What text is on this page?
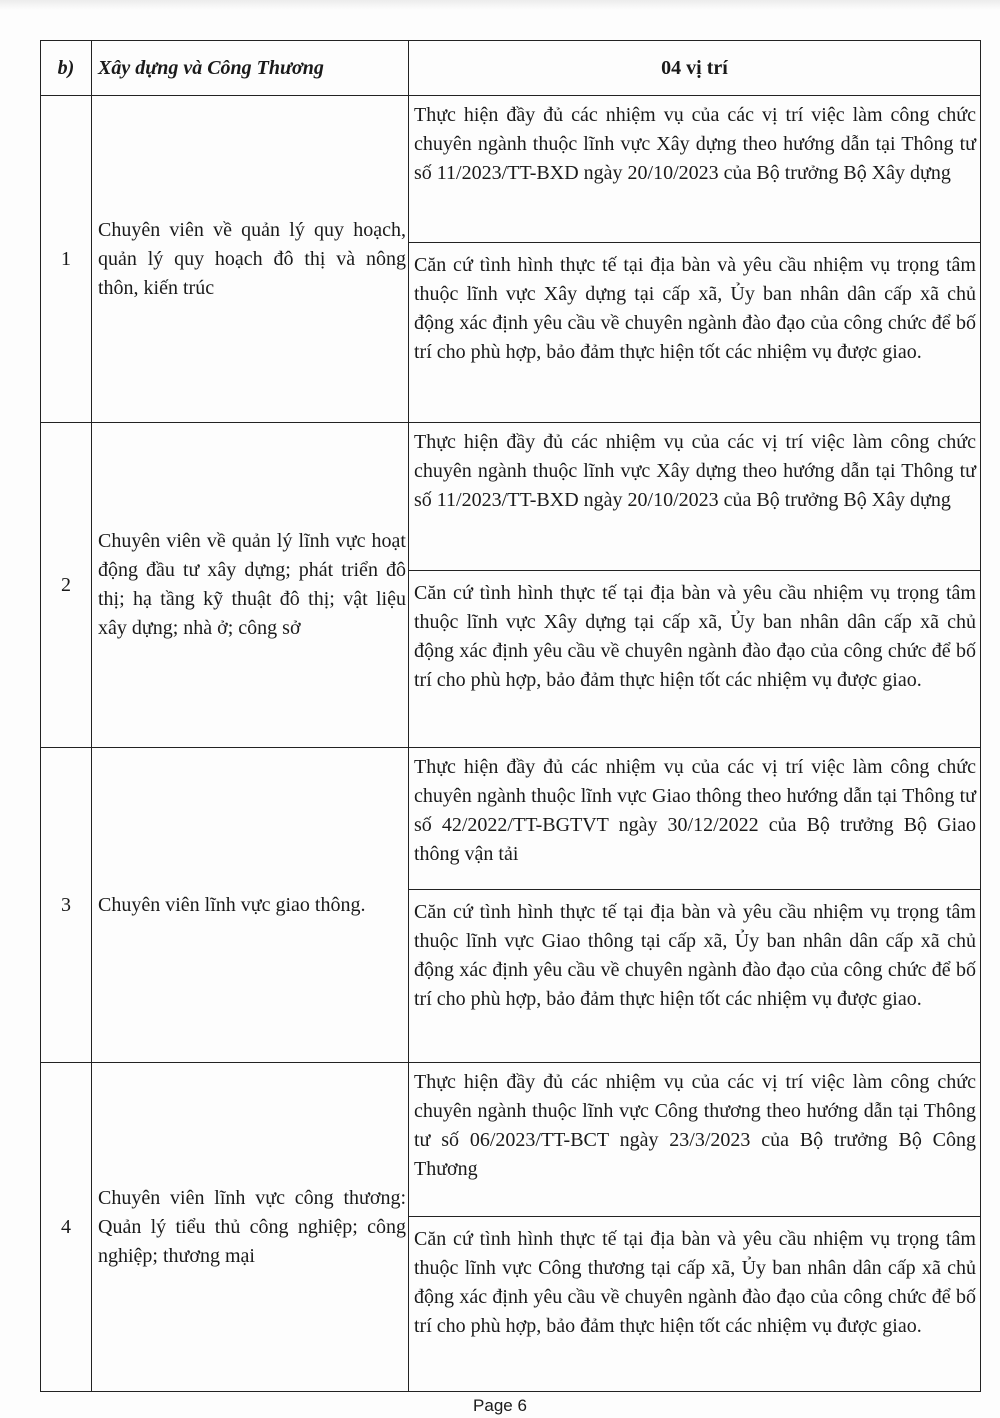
b)	Xây dựng và Công Thương	04 vị trí
1	Chuyên viên về quản lý quy hoạch, quản lý quy hoạch đô thị và nông thôn, kiến trúc	Thực hiện đầy đủ các nhiệm vụ của các vị trí việc làm công chức chuyên ngành thuộc lĩnh vực Xây dựng theo hướng dẫn tại Thông tư số 11/2023/TT-BXD ngày 20/10/2023 của Bộ trưởng Bộ Xây dựng

		Căn cứ tình hình thực tế tại địa bàn và yêu cầu nhiệm vụ trọng tâm thuộc lĩnh vực Xây dựng tại cấp xã, Ủy ban nhân dân cấp xã chủ động xác định yêu cầu về chuyên ngành đào đạo của công chức để bố trí cho phù hợp, bảo đảm thực hiện tốt các nhiệm vụ được giao.

2	Chuyên viên về quản lý lĩnh vực hoạt động đầu tư xây dựng; phát triển đô thị; hạ tầng kỹ thuật đô thị; vật liệu xây dựng; nhà ở; công sở	Thực hiện đầy đủ các nhiệm vụ của các vị trí việc làm công chức chuyên ngành thuộc lĩnh vực Xây dựng theo hướng dẫn tại Thông tư số 11/2023/TT-BXD ngày 20/10/2023 của Bộ trưởng Bộ Xây dựng

		Căn cứ tình hình thực tế tại địa bàn và yêu cầu nhiệm vụ trọng tâm thuộc lĩnh vực Xây dựng tại cấp xã, Ủy ban nhân dân cấp xã chủ động xác định yêu cầu về chuyên ngành đào đạo của công chức để bố trí cho phù hợp, bảo đảm thực hiện tốt các nhiệm vụ được giao.

3	Chuyên viên lĩnh vực giao thông.	Thực hiện đầy đủ các nhiệm vụ của các vị trí việc làm công chức chuyên ngành thuộc lĩnh vực Giao thông theo hướng dẫn tại Thông tư số 42/2022/TT-BGTVT ngày 30/12/2022 của Bộ trưởng Bộ Giao thông vận tải

		Căn cứ tình hình thực tế tại địa bàn và yêu cầu nhiệm vụ trọng tâm thuộc lĩnh vực Giao thông tại cấp xã, Ủy ban nhân dân cấp xã chủ động xác định yêu cầu về chuyên ngành đào đạo của công chức để bố trí cho phù hợp, bảo đảm thực hiện tốt các nhiệm vụ được giao.

4	Chuyên viên lĩnh vực công thương: Quản lý tiểu thủ công nghiệp; công nghiệp; thương mại	Thực hiện đầy đủ các nhiệm vụ của các vị trí việc làm công chức chuyên ngành thuộc lĩnh vực Công thương theo hướng dẫn tại Thông tư số 06/2023/TT-BCT ngày 23/3/2023 của Bộ trưởng Bộ Công Thương

		Căn cứ tình hình thực tế tại địa bàn và yêu cầu nhiệm vụ trọng tâm thuộc lĩnh vực Công thương tại cấp xã, Ủy ban nhân dân cấp xã chủ động xác định yêu cầu về chuyên ngành đào đạo của công chức để bố trí cho phù hợp, bảo đảm thực hiện tốt các nhiệm vụ được giao.
Page 6
